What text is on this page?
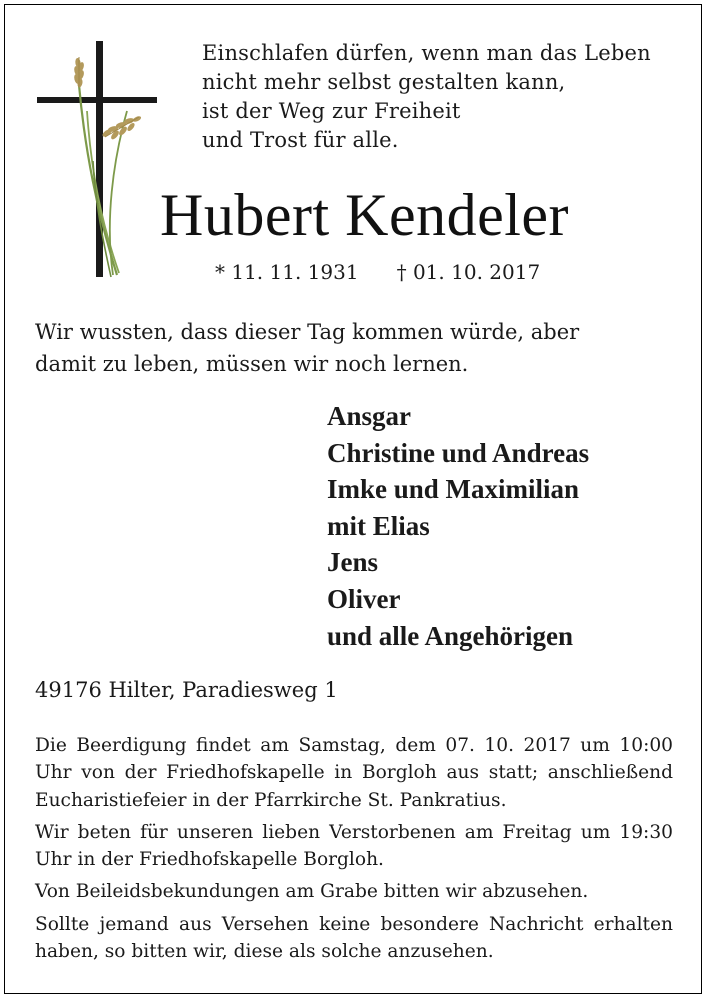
Einschlafen dürfen, wenn man das Leben
nicht mehr selbst gestalten kann,
ist der Weg zur Freiheit
und Trost für alle.
Hubert Kendeler
* 11. 11. 1931 † 01. 10. 2017
Wir wussten, dass dieser Tag kommen würde, aber
damit zu leben, müssen wir noch lernen.
Ansgar
Christine und Andreas
Imke und Maximilian
mit Elias
Jens
Oliver
und alle Angehörigen
49176 Hilter, Paradiesweg 1

Die Beerdigung findet am Samstag, dem 07. 10. 2017 um 10:00 Uhr von der Friedhofskapelle in Borgloh aus statt; anschließend Eucharistiefeier in der Pfarrkirche St. Pankratius.

Wir beten für unseren lieben Verstorbenen am Freitag um 19:30 Uhr in der Friedhofskapelle Borgloh.

Von Beileidsbekundungen am Grabe bitten wir abzusehen.

Sollte jemand aus Versehen keine besondere Nachricht erhalten haben, so bitten wir, diese als solche anzusehen.
